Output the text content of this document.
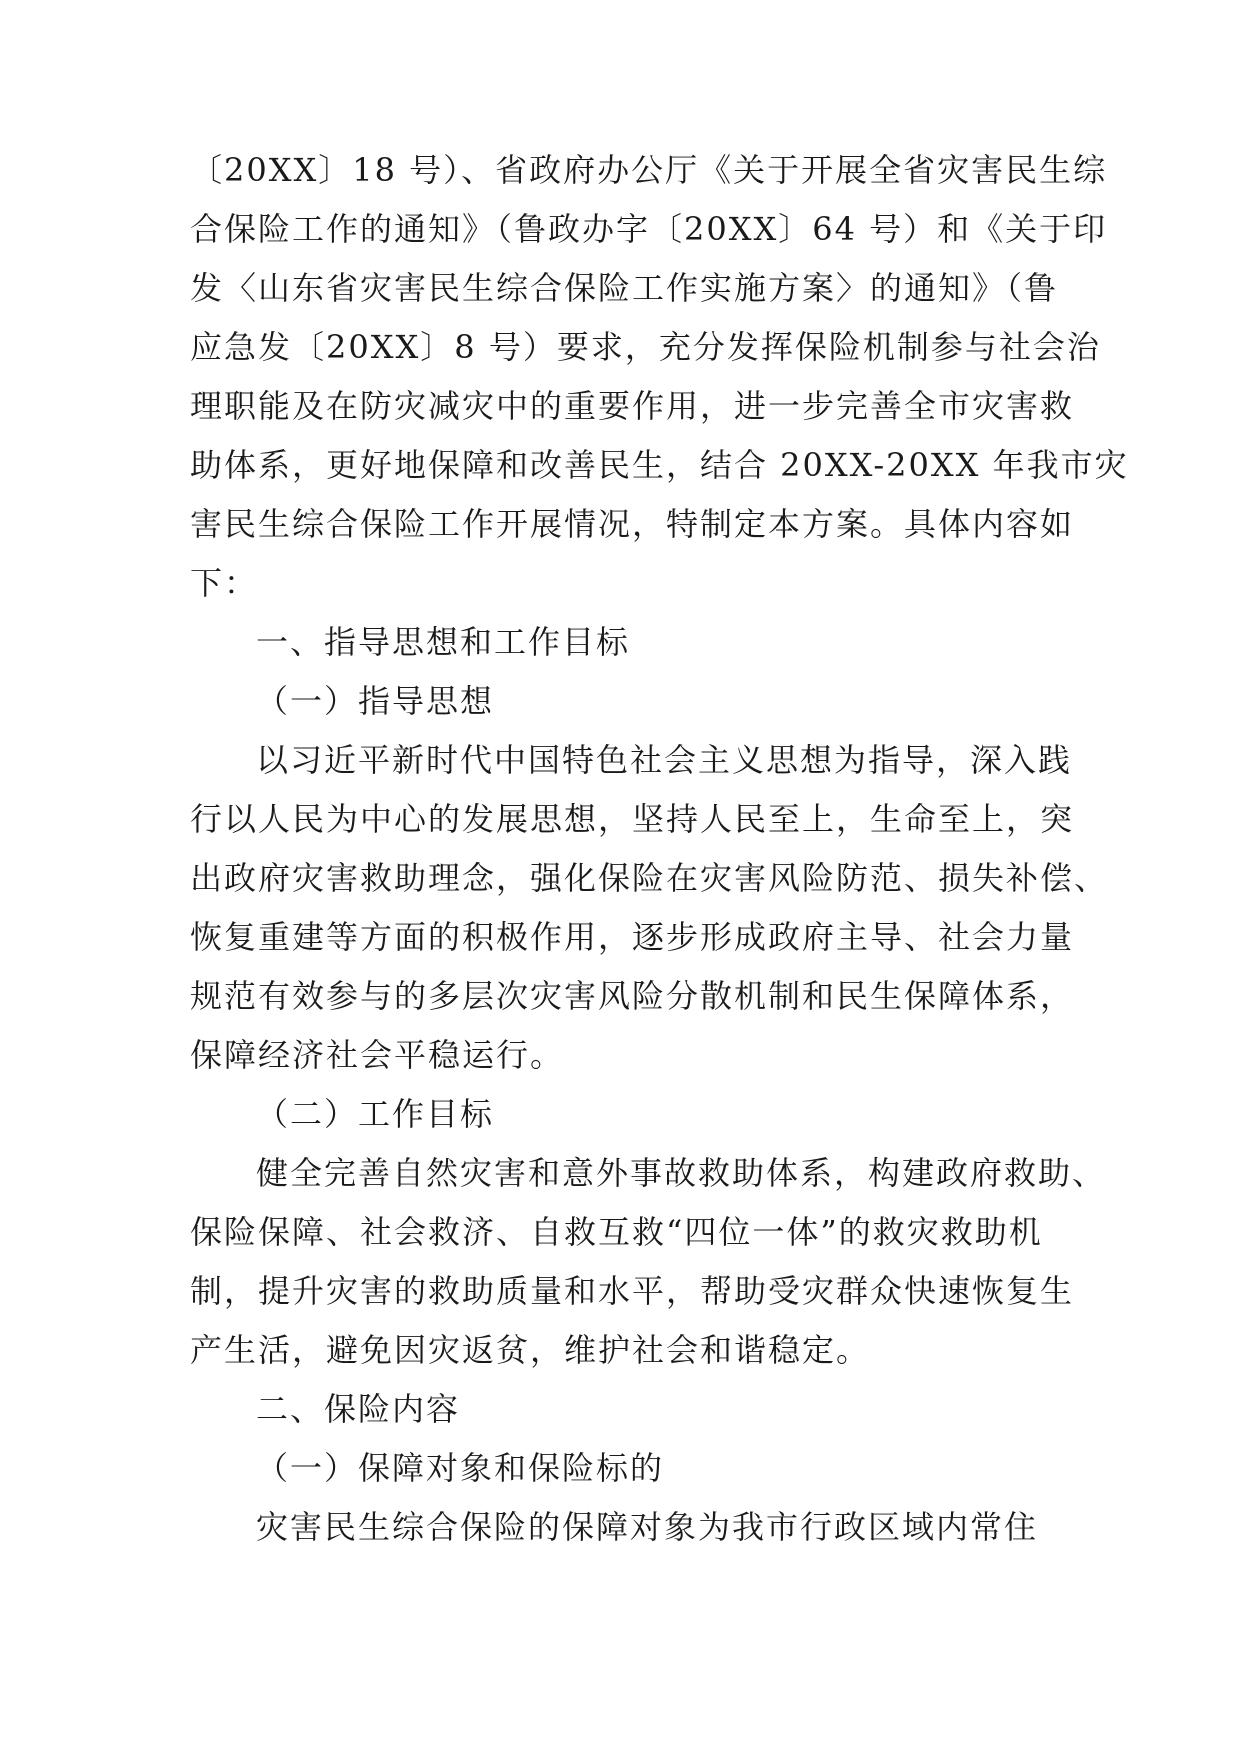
〔20XX〕18 号）、省政府办公厅《关于开展全省灾害民生综
合保险工作的通知》（鲁政办字〔20XX〕64 号）和《关于印
发〈山东省灾害民生综合保险工作实施方案〉的通知》（鲁
应急发〔20XX〕8 号）要求，充分发挥保险机制参与社会治
理职能及在防灾减灾中的重要作用，进一步完善全市灾害救
助体系，更好地保障和改善民生，结合 20XX-20XX 年我市灾
害民生综合保险工作开展情况，特制定本方案。具体内容如
下：
一、指导思想和工作目标
（一）指导思想
以习近平新时代中国特色社会主义思想为指导，深入践
行以人民为中心的发展思想，坚持人民至上，生命至上，突
出政府灾害救助理念，强化保险在灾害风险防范、损失补偿、
恢复重建等方面的积极作用，逐步形成政府主导、社会力量
规范有效参与的多层次灾害风险分散机制和民生保障体系，
保障经济社会平稳运行。
（二）工作目标
健全完善自然灾害和意外事故救助体系，构建政府救助、
保险保障、社会救济、自救互救“四位一体”的救灾救助机
制，提升灾害的救助质量和水平，帮助受灾群众快速恢复生
产生活，避免因灾返贫，维护社会和谐稳定。
二、保险内容
（一）保障对象和保险标的
灾害民生综合保险的保障对象为我市行政区域内常住
